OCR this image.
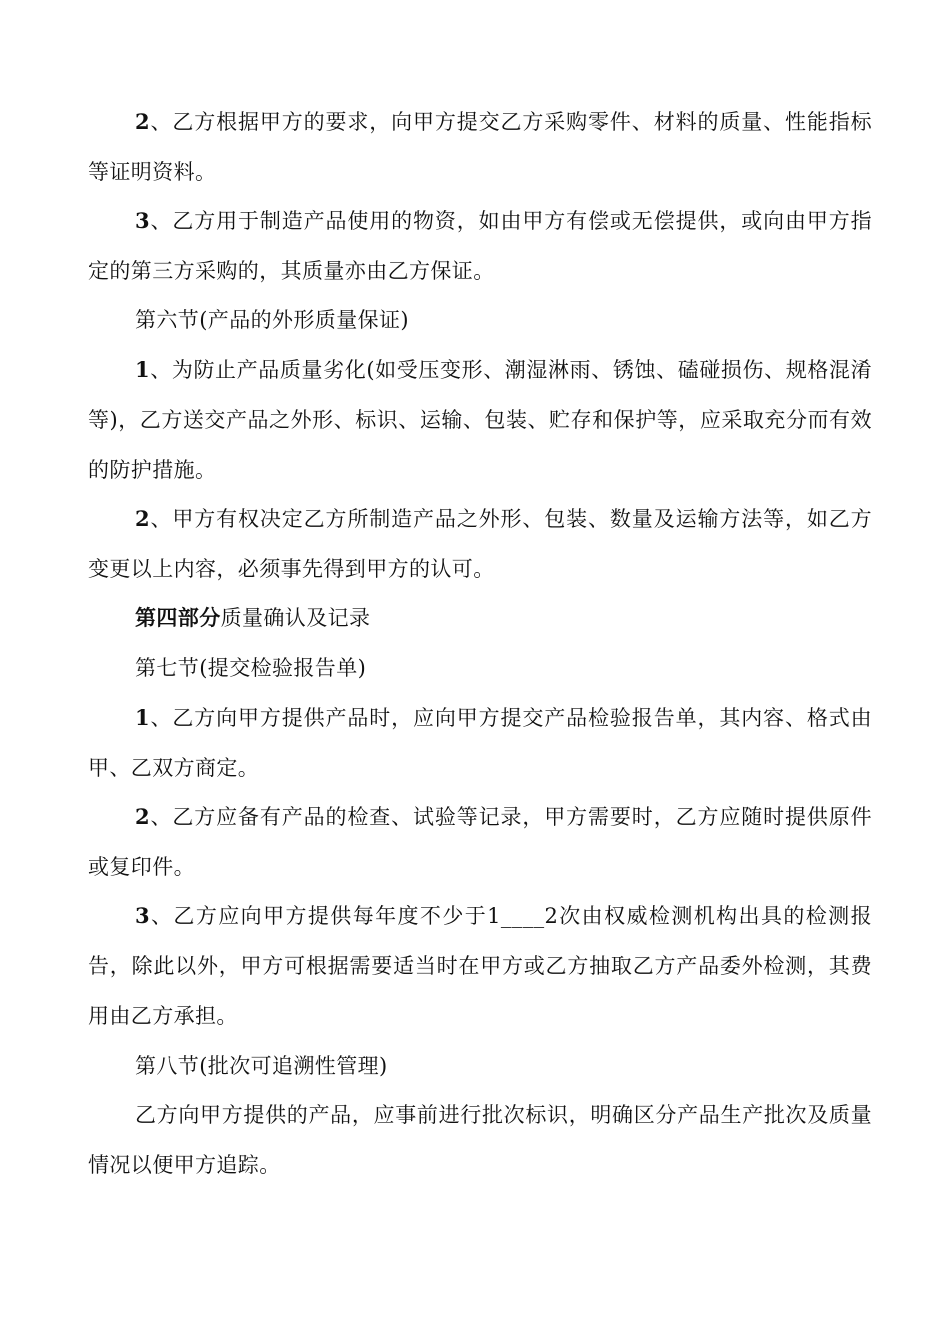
2、乙方根据甲方的要求，向甲方提交乙方采购零件、材料的质量、性能指标等证明资料。

3、乙方用于制造产品使用的物资，如由甲方有偿或无偿提供，或向由甲方指定的第三方采购的，其质量亦由乙方保证。

第六节(产品的外形质量保证)

1、为防止产品质量劣化(如受压变形、潮湿淋雨、锈蚀、磕碰损伤、规格混淆等)，乙方送交产品之外形、标识、运输、包装、贮存和保护等，应采取充分而有效的防护措施。

2、甲方有权决定乙方所制造产品之外形、包装、数量及运输方法等，如乙方变更以上内容，必须事先得到甲方的认可。

第四部分质量确认及记录

第七节(提交检验报告单)

1、乙方向甲方提供产品时，应向甲方提交产品检验报告单，其内容、格式由甲、乙双方商定。

2、乙方应备有产品的检查、试验等记录，甲方需要时，乙方应随时提供原件或复印件。

3、乙方应向甲方提供每年度不少于1____2次由权威检测机构出具的检测报告，除此以外，甲方可根据需要适当时在甲方或乙方抽取乙方产品委外检测，其费用由乙方承担。

第八节(批次可追溯性管理)

乙方向甲方提供的产品，应事前进行批次标识，明确区分产品生产批次及质量情况以便甲方追踪。
